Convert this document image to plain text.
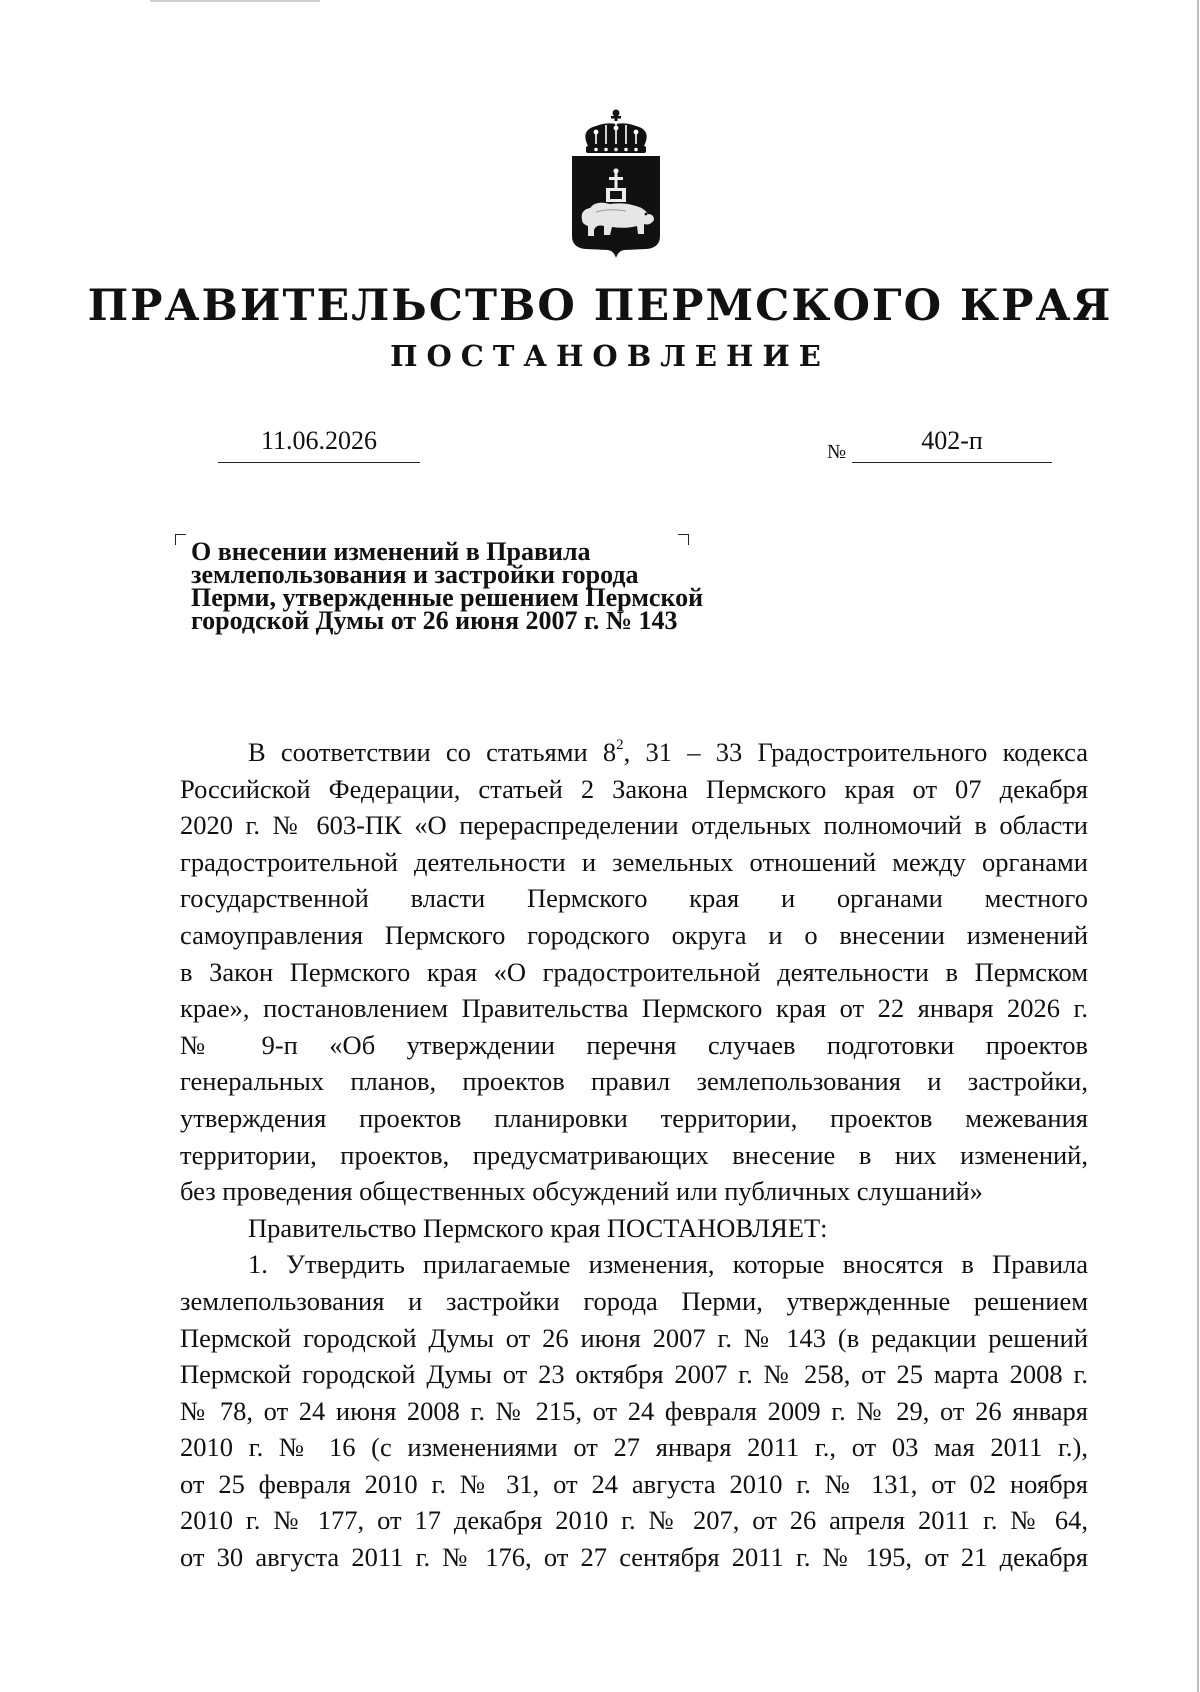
ПРАВИТЕЛЬСТВО ПЕРМСКОГО КРАЯ
ПОСТАНОВЛЕНИЕ
11.06.2026	№	402-п
О внесении изменений в Правила
землепользования и застройки города
Перми, утвержденные решением Пермской
городской Думы от 26 июня 2007 г. № 143
В соответствии со статьями $8^2$, 31 – 33 Градостроительного кодекса
Российской Федерации, статьей 2 Закона Пермского края от 07 декабря
2020 г. № 603-ПК «О перераспределении отдельных полномочий в области
градостроительной деятельности и земельных отношений между органами
государственной власти Пермского края и органами местного
самоуправления Пермского городского округа и о внесении изменений
в Закон Пермского края «О градостроительной деятельности в Пермском
крае», постановлением Правительства Пермского края от 22 января 2026 г.
№ 9-п «Об утверждении перечня случаев подготовки проектов
генеральных планов, проектов правил землепользования и застройки,
утверждения проектов планировки территории, проектов межевания
территории, проектов, предусматривающих внесение в них изменений,
без проведения общественных обсуждений или публичных слушаний»
Правительство Пермского края ПОСТАНОВЛЯЕТ:
1. Утвердить прилагаемые изменения, которые вносятся в Правила
землепользования и застройки города Перми, утвержденные решением
Пермской городской Думы от 26 июня 2007 г. № 143 (в редакции решений
Пермской городской Думы от 23 октября 2007 г. № 258, от 25 марта 2008 г.
№ 78, от 24 июня 2008 г. № 215, от 24 февраля 2009 г. № 29, от 26 января
2010 г. № 16 (с изменениями от 27 января 2011 г., от 03 мая 2011 г.),
от 25 февраля 2010 г. № 31, от 24 августа 2010 г. № 131, от 02 ноября
2010 г. № 177, от 17 декабря 2010 г. № 207, от 26 апреля 2011 г. № 64,
от 30 августа 2011 г. № 176, от 27 сентября 2011 г. № 195, от 21 декабря
